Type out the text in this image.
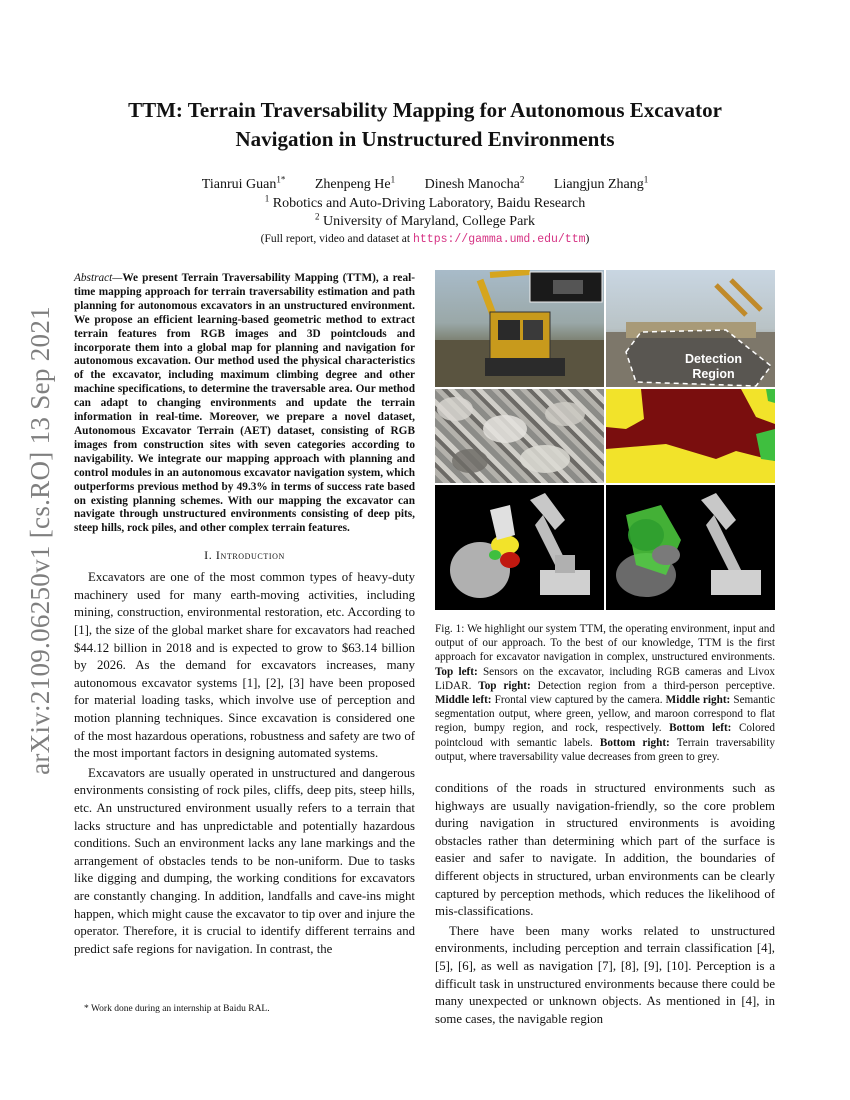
arXiv:2109.06250v1 [cs.RO] 13 Sep 2021
TTM: Terrain Traversability Mapping for Autonomous Excavator
Navigation in Unstructured Environments
Tianrui Guan$^{1*}$ Zhenpeng He$^1$ Dinesh Manocha$^2$ Liangjun Zhang$^1$
$^1$ Robotics and Auto-Driving Laboratory, Baidu Research
$^2$ University of Maryland, College Park
(Full report, video and dataset at https://gamma.umd.edu/ttm)

Abstract—We present Terrain Traversability Mapping (TTM), a real-time mapping approach for terrain traversability estimation and path planning for autonomous excavators in an unstructured environment. We propose an efficient learning-based geometric method to extract terrain features from RGB images and 3D pointclouds and incorporate them into a global map for planning and navigation for autonomous excavation. Our method used the physical characteristics of the excavator, including maximum climbing degree and other machine specifications, to determine the traversable area. Our method can adapt to changing environments and update the terrain information in real-time. Moreover, we prepare a novel dataset, Autonomous Excavator Terrain (AET) dataset, consisting of RGB images from construction sites with seven categories according to navigability. We integrate our mapping approach with planning and control modules in an autonomous excavator navigation system, which outperforms previous method by 49.3% in terms of success rate based on existing planning schemes. With our mapping the excavator can navigate through unstructured environments consisting of deep pits, steep hills, rock piles, and other complex terrain features.

I. Introduction

Excavators are one of the most common types of heavy-duty machinery used for many earth-moving activities, including mining, construction, environmental restoration, etc. According to [1], the size of the global market share for excavators had reached $44.12 billion in 2018 and is expected to grow to $63.14 billion by 2026. As the demand for excavators increases, many autonomous excavator systems [1], [2], [3] have been proposed for material loading tasks, which involve use of perception and motion planning techniques. Since excavation is considered one of the most hazardous operations, robustness and safety are two of the most important factors in designing automated systems.

Excavators are usually operated in unstructured and dangerous environments consisting of rock piles, cliffs, deep pits, steep hills, etc. An unstructured environment usually refers to a terrain that lacks structure and has unpredictable and potentially hazardous conditions. Such an environment lacks any lane markings and the arrangement of obstacles tends to be non-uniform. Due to tasks like digging and dumping, the working conditions for excavators are constantly changing. In addition, landfalls and cave-ins might happen, which might cause the excavator to tip over and injure the operator. Therefore, it is crucial to identify different terrains and predict safe regions for navigation. In contrast, the

* Work done during an internship at Baidu RAL.
Detection
Region

Fig. 1: We highlight our system TTM, the operating environment, input and output of our approach. To the best of our knowledge, TTM is the first approach for excavator navigation in complex, unstructured environments. Top left: Sensors on the excavator, including RGB cameras and Livox LiDAR. Top right: Detection region from a third-person perceptive. Middle left: Frontal view captured by the camera. Middle right: Semantic segmentation output, where green, yellow, and maroon correspond to flat region, bumpy region, and rock, respectively. Bottom left: Colored pointcloud with semantic labels. Bottom right: Terrain traversability output, where traversability value decreases from green to grey.

conditions of the roads in structured environments such as highways are usually navigation-friendly, so the core problem during navigation in structured environments is avoiding obstacles rather than determining which part of the surface is easier and safer to navigate. In addition, the boundaries of different objects in structured, urban environments can be clearly captured by perception methods, which reduces the likelihood of mis-classifications.

There have been many works related to unstructured environments, including perception and terrain classification [4], [5], [6], as well as navigation [7], [8], [9], [10]. Perception is a difficult task in unstructured environments because there could be many unexpected or unknown objects. As mentioned in [4], in some cases, the navigable region
